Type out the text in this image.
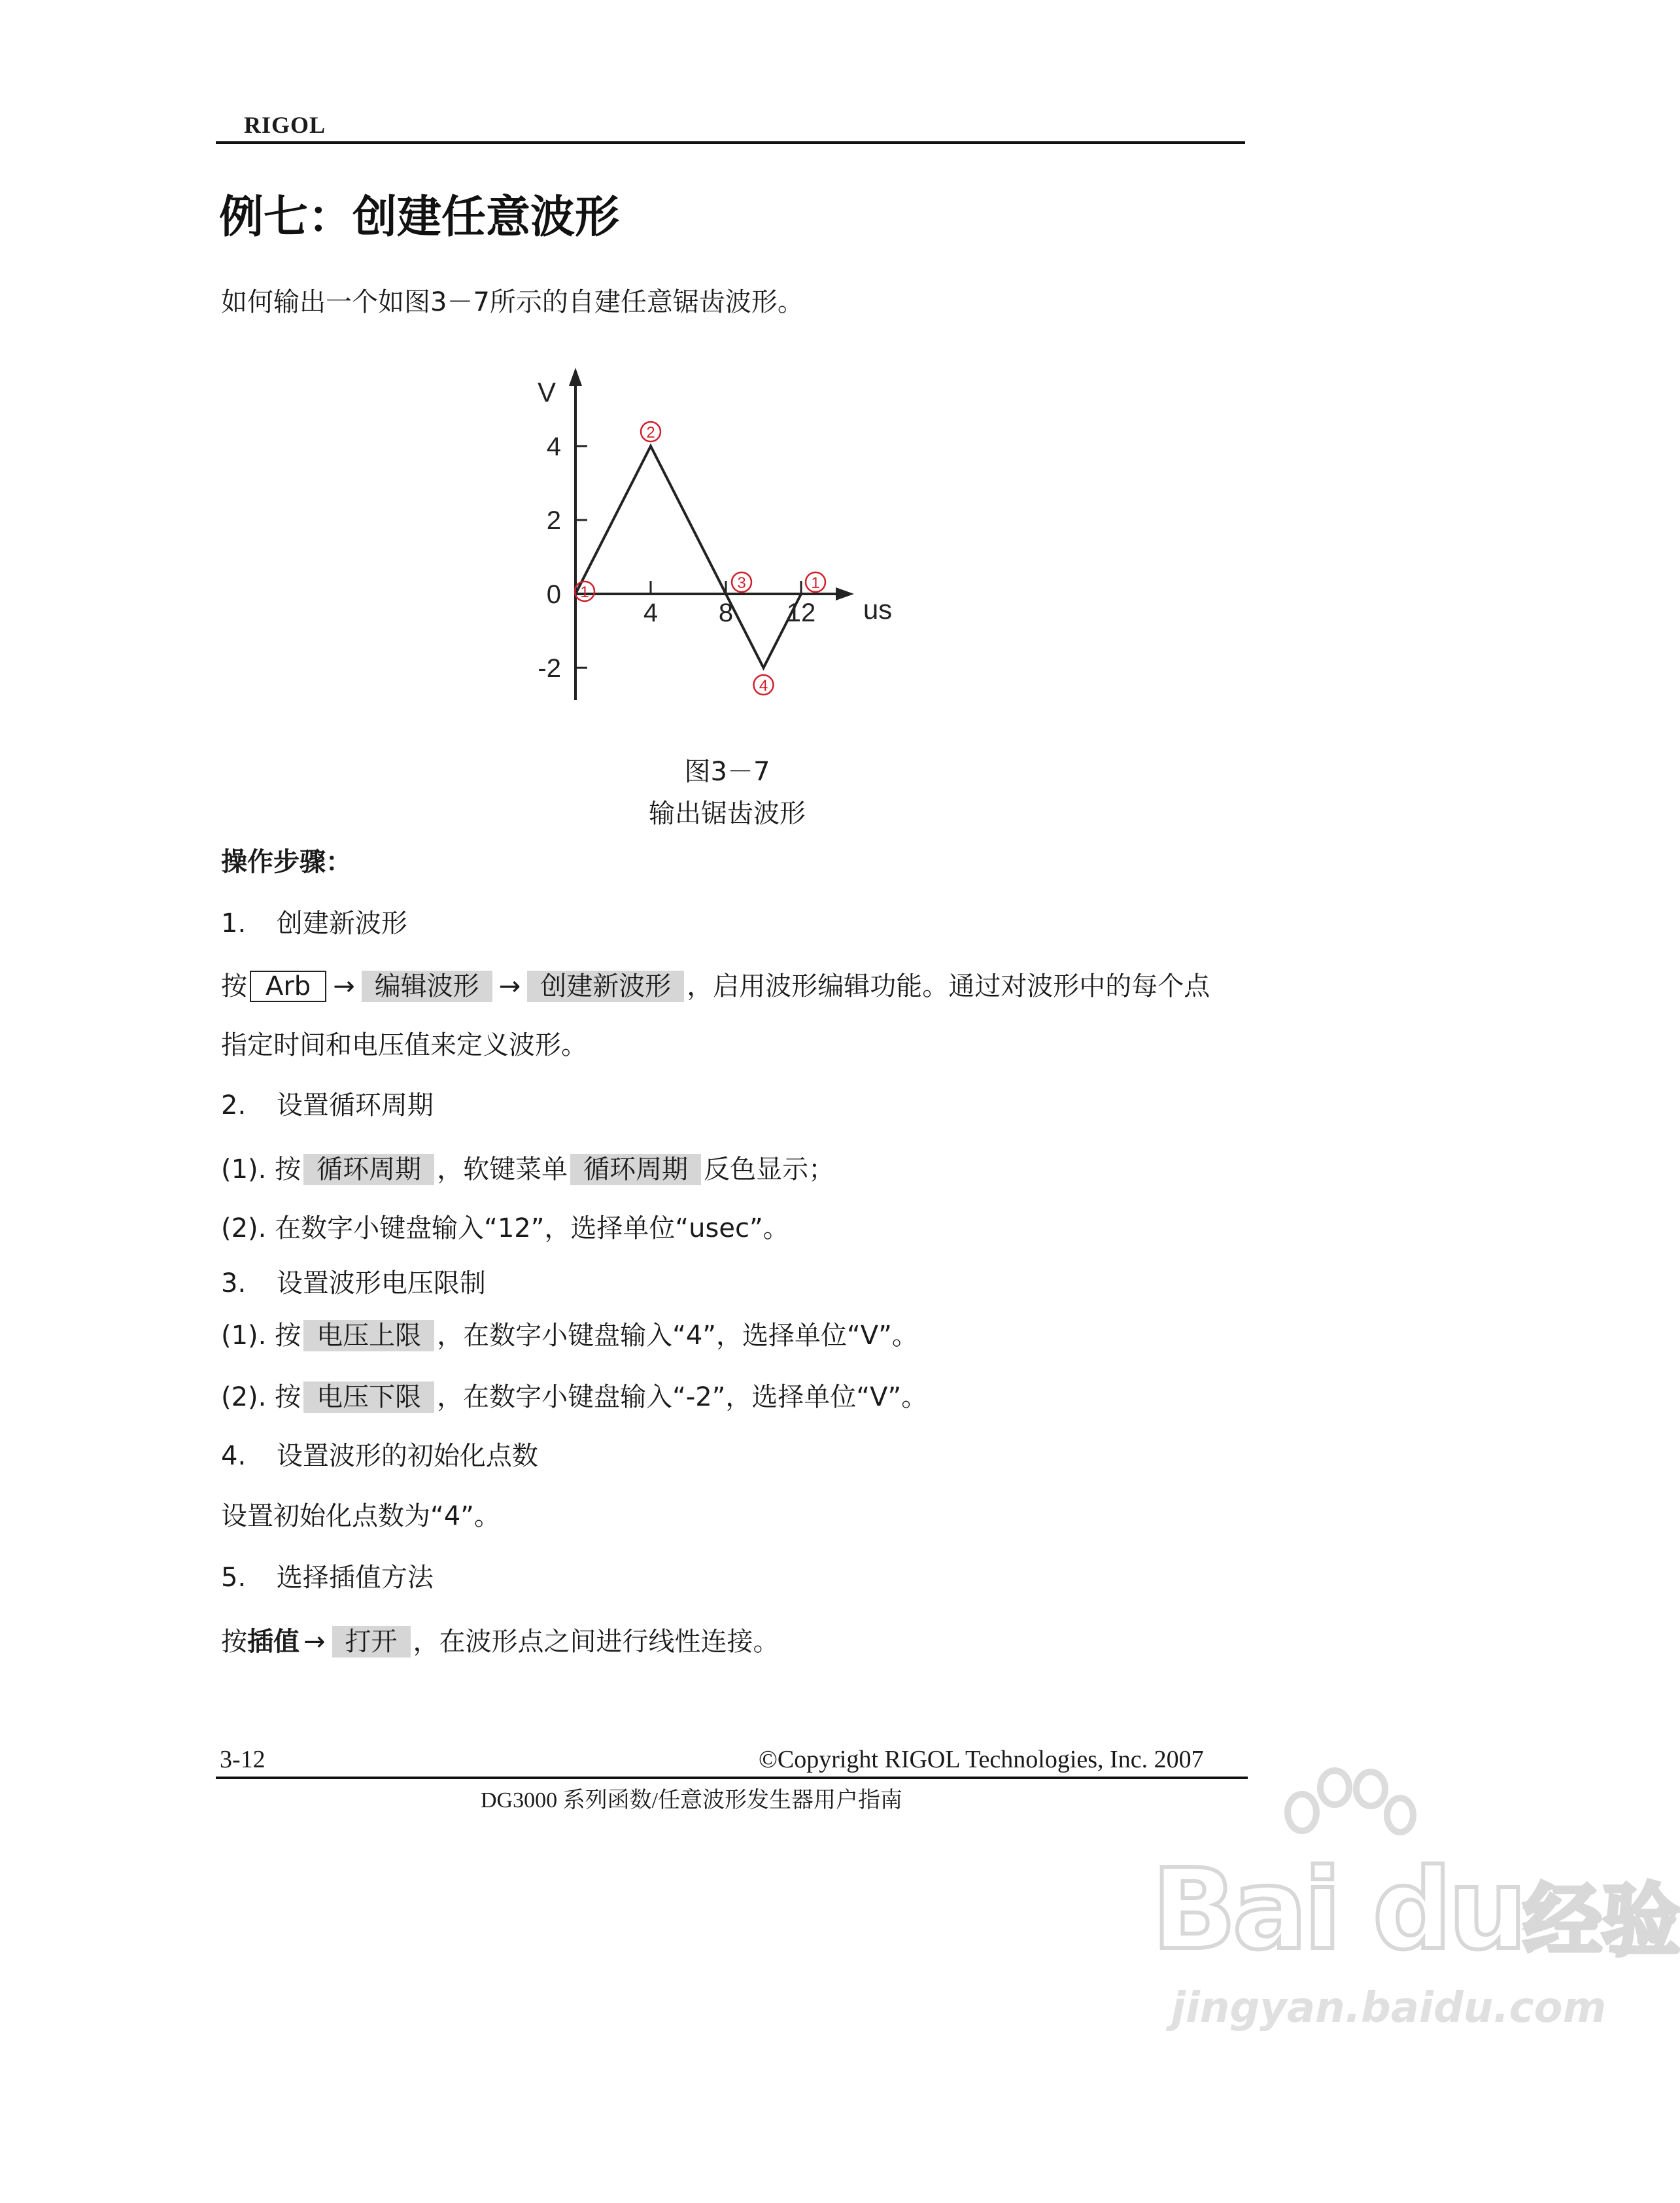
RIGOL
例七：创建任意波形
如何输出一个如图3－7所示的自建任意锯齿波形。
V
us
4
2
0
-2
4 8 12
1
2
3
4
1
图3－7
输出锯齿波形
操作步骤：
1. 创建新波形
按 Arb → 编辑波形 → 创建新波形 ，启用波形编辑功能。通过对波形中的每个点
指定时间和电压值来定义波形。
2. 设置循环周期
(1). 按 循环周期 ，软键菜单 循环周期 反色显示；
(2). 在数字小键盘输入“12”，选择单位“usec”。
3. 设置波形电压限制
(1). 按 电压上限 ，在数字小键盘输入“4”，选择单位“V”。
(2). 按 电压下限 ，在数字小键盘输入“-2”，选择单位“V”。
4. 设置波形的初始化点数
设置初始化点数为“4”。
5. 选择插值方法
按插值 → 打开 ，在波形点之间进行线性连接。
3-12	©Copyright RIGOL Technologies, Inc. 2007
DG3000 系列函数/任意波形发生器用户指南
Bai du经验
jingyan.baidu.com
